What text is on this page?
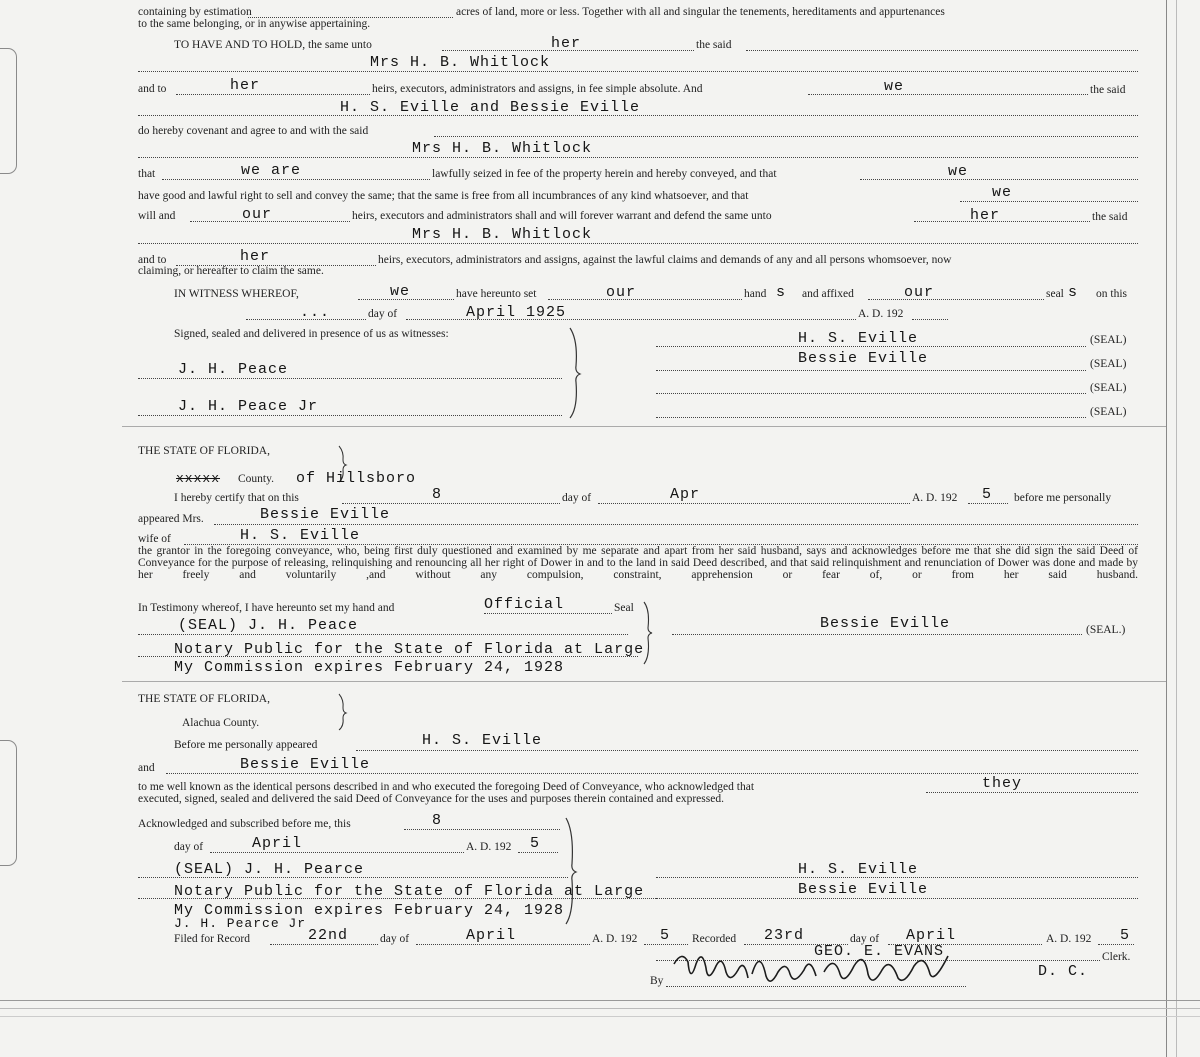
containing by estimation	acres of land, more or less. Together with all and singular the tenements, hereditaments and appurtenances
to the same belonging, or in anywise appertaining.
TO HAVE AND TO HOLD, the same unto	her	the said
Mrs H. B. Whitlock
and to	her	heirs, executors, administrators and assigns, in fee simple absolute. And	we	the said
H. S. Eville and Bessie Eville
do hereby covenant and agree to and with the said
Mrs H. B. Whitlock
that	we are	lawfully seized in fee of the property herein and hereby conveyed, and that	we
have good and lawful right to sell and convey the same; that the same is free from all incumbrances of any kind whatsoever, and that	we
will and	our	heirs, executors and administrators shall and will forever warrant and defend the same unto	her	the said
Mrs H. B. Whitlock
and to	her	heirs, executors, administrators and assigns, against the lawful claims and demands of any and all persons whomsoever, now
claiming, or hereafter to claim the same.
IN WITNESS WHEREOF,	we	have hereunto set	our	hand s and affixed	our	seal s on this
...	day of	April 1925	A. D. 192
Signed, sealed and delivered in presence of us as witnesses:
J. H. Peace
J. H. Peace Jr
H. S. Eville	(SEAL)
Bessie Eville	(SEAL)
(SEAL)
(SEAL)
THE STATE OF FLORIDA,
xxxxx County. of Hillsboro
I hereby certify that on this	8	day of	Apr	A. D. 192 5 before me personally
appeared Mrs.	Bessie Eville
wife of	H. S. Eville
the grantor in the foregoing conveyance, who, being first duly questioned and examined by me separate and apart from her said husband, says and acknowledges before me that she did sign the said Deed of Conveyance for the purpose of releasing, relinquishing and renouncing all her right of Dower in and to the land in said Deed described, and that said relinquishment and renunciation of Dower was done and made by her freely and voluntarily ,and without any compulsion, constraint, apprehension or fear of, or from her said husband.
In Testimony whereof, I have hereunto set my hand and	Official	Seal
(SEAL) J. H. Peace	Bessie Eville	(SEAL.)
Notary Public for the State of Florida at Large
My Commission expires February 24, 1928
THE STATE OF FLORIDA,
Alachua County.
Before me personally appeared	H. S. Eville
and	Bessie Eville
to me well known as the identical persons described in and who executed the foregoing Deed of Conveyance, who acknowledged that	they
executed, signed, sealed and delivered the said Deed of Conveyance for the uses and purposes therein contained and expressed.
Acknowledged and subscribed before me, this	8
day of	April	A. D. 192 5
(SEAL) J. H. Pearce	H. S. Eville
Notary Public for the State of Florida at Large	Bessie Eville
My Commission expires February 24, 1928
J. H. Pearce Jr
Filed for Record	22nd	day of	April	A. D. 192 5 Recorded 23rd	day of April	A. D. 192 5
GEO. E. EVANS	Clerk.
By
D. C.
